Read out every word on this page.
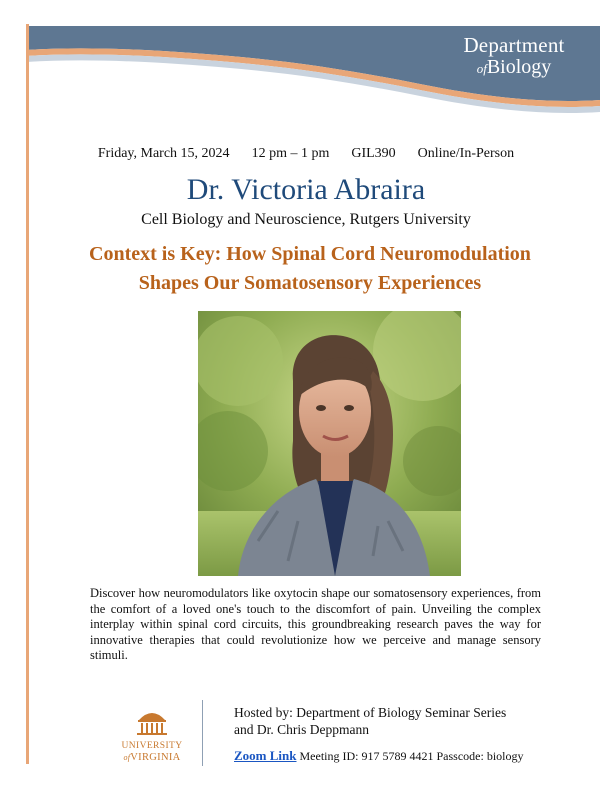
Department
ofBiology
Friday, March 15, 2024 12 pm – 1 pm GIL390 Online/In-Person
Dr. Victoria Abraira
Cell Biology and Neuroscience, Rutgers University
Context is Key: How Spinal Cord Neuromodulation
Shapes Our Somatosensory Experiences
Discover how neuromodulators like oxytocin shape our somatosensory experiences, from the comfort of a loved one's touch to the discomfort of pain. Unveiling the complex interplay within spinal cord circuits, this groundbreaking research paves the way for innovative therapies that could revolutionize how we perceive and manage sensory stimuli.
UNIVERSITY
ofVIRGINIA
Hosted by: Department of Biology Seminar Series
and Dr. Chris Deppmann
Zoom Link Meeting ID: 917 5789 4421 Passcode: biology
